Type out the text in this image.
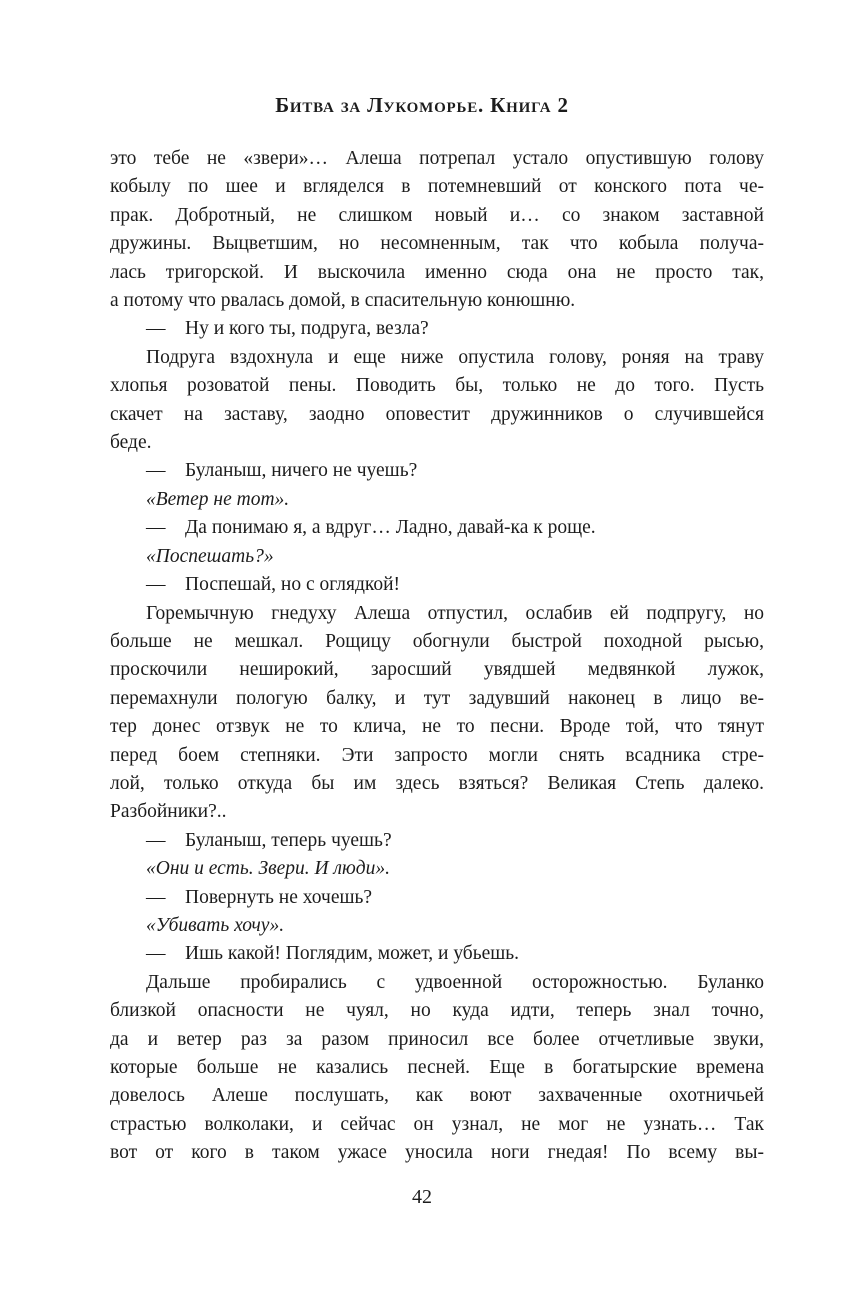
Битва за Лукоморье. Книга 2
это тебе не «звери»… Алеша потрепал устало опустившую голову
кобылу по шее и вгляделся в потемневший от конского пота че-
прак. Добротный, не слишком новый и… со знаком заставной
дружины. Выцветшим, но несомненным, так что кобыла получа-
лась тригорской. И выскочила именно сюда она не просто так,
а потому что рвалась домой, в спасительную конюшню.
— Ну и кого ты, подруга, везла?
Подруга вздохнула и еще ниже опустила голову, роняя на траву
хлопья розоватой пены. Поводить бы, только не до того. Пусть
скачет на заставу, заодно оповестит дружинников о случившейся
беде.
— Буланыш, ничего не чуешь?
«Ветер не тот».
— Да понимаю я, а вдруг… Ладно, давай-ка к роще.
«Поспешать?»
— Поспешай, но с оглядкой!
Горемычную гнедуху Алеша отпустил, ослабив ей подпругу, но
больше не мешкал. Рощицу обогнули быстрой походной рысью,
проскочили неширокий, заросший увядшей медвянкой лужок,
перемахнули пологую балку, и тут задувший наконец в лицо ве-
тер донес отзвук не то клича, не то песни. Вроде той, что тянут
перед боем степняки. Эти запросто могли снять всадника стре-
лой, только откуда бы им здесь взяться? Великая Степь далеко.
Разбойники?..
— Буланыш, теперь чуешь?
«Они и есть. Звери. И люди».
— Повернуть не хочешь?
«Убивать хочу».
— Ишь какой! Поглядим, может, и убьешь.
Дальше пробирались с удвоенной осторожностью. Буланко
близкой опасности не чуял, но куда идти, теперь знал точно,
да и ветер раз за разом приносил все более отчетливые звуки,
которые больше не казались песней. Еще в богатырские времена
довелось Алеше послушать, как воют захваченные охотничьей
страстью волколаки, и сейчас он узнал, не мог не узнать… Так
вот от кого в таком ужасе уносила ноги гнедая! По всему вы-
42
